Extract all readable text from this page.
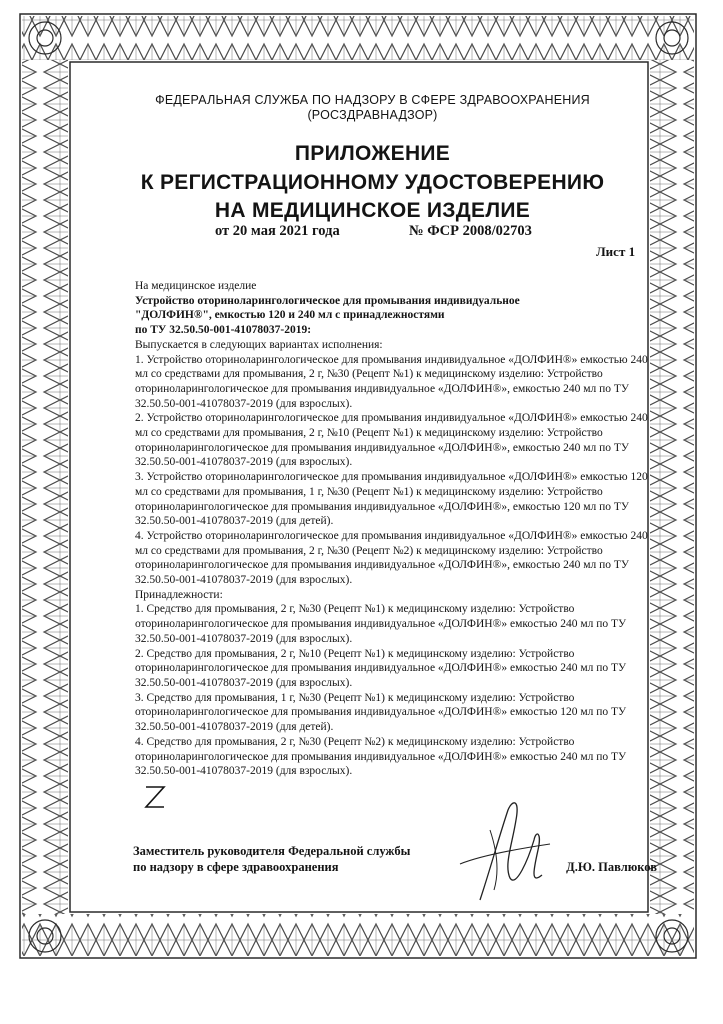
ФЕДЕРАЛЬНАЯ СЛУЖБА ПО НАДЗОРУ В СФЕРЕ ЗДРАВООХРАНЕНИЯ
(РОСЗДРАВНАДЗОР)
ПРИЛОЖЕНИЕ
К РЕГИСТРАЦИОННОМУ УДОСТОВЕРЕНИЮ
НА МЕДИЦИНСКОЕ ИЗДЕЛИЕ
от 20 мая 2021 года	№ ФСР 2008/02703
Лист 1

На медицинское изделие

Устройство оториноларингологическое для промывания индивидуальное

"ДОЛФИН®", емкостью 120 и 240 мл с принадлежностями

по ТУ 32.50.50-001-41078037-2019:

Выпускается в следующих вариантах исполнения:

1. Устройство оториноларингологическое для промывания индивидуальное «ДОЛФИН®» емкостью 240 мл со средствами для промывания, 2 г, №30 (Рецепт №1) к медицинскому изделию: Устройство оториноларингологическое для промывания индивидуальное «ДОЛФИН®», емкостью 240 мл по ТУ 32.50.50-001-41078037-2019 (для взрослых).

2. Устройство оториноларингологическое для промывания индивидуальное «ДОЛФИН®» емкостью 240 мл со средствами для промывания, 2 г, №10 (Рецепт №1) к медицинскому изделию: Устройство оториноларингологическое для промывания индивидуальное «ДОЛФИН®», емкостью 240 мл по ТУ 32.50.50-001-41078037-2019 (для взрослых).

3. Устройство оториноларингологическое для промывания индивидуальное «ДОЛФИН®» емкостью 120 мл со средствами для промывания, 1 г, №30 (Рецепт №1) к медицинскому изделию: Устройство оториноларингологическое для промывания индивидуальное «ДОЛФИН®», емкостью 120 мл по ТУ 32.50.50-001-41078037-2019 (для детей).

4. Устройство оториноларингологическое для промывания индивидуальное «ДОЛФИН®» емкостью 240 мл со средствами для промывания, 2 г, №30 (Рецепт №2) к медицинскому изделию: Устройство оториноларингологическое для промывания индивидуальное «ДОЛФИН®», емкостью 240 мл по ТУ 32.50.50-001-41078037-2019 (для взрослых).

Принадлежности:

1. Средство для промывания, 2 г, №30 (Рецепт №1) к медицинскому изделию: Устройство оториноларингологическое для промывания индивидуальное «ДОЛФИН®» емкостью 240 мл по ТУ 32.50.50-001-41078037-2019 (для взрослых).

2. Средство для промывания, 2 г, №10 (Рецепт №1) к медицинскому изделию: Устройство оториноларингологическое для промывания индивидуальное «ДОЛФИН®» емкостью 240 мл по ТУ 32.50.50-001-41078037-2019 (для взрослых).

3. Средство для промывания, 1 г, №30 (Рецепт №1) к медицинскому изделию: Устройство оториноларингологическое для промывания индивидуальное «ДОЛФИН®» емкостью 120 мл по ТУ 32.50.50-001-41078037-2019 (для детей).

4. Средство для промывания, 2 г, №30 (Рецепт №2) к медицинскому изделию: Устройство оториноларингологическое для промывания индивидуальное «ДОЛФИН®» емкостью 240 мл по ТУ 32.50.50-001-41078037-2019 (для взрослых).

Заместитель руководителя Федеральной службы
по надзору в сфере здравоохранения	Д.Ю. Павлюков
